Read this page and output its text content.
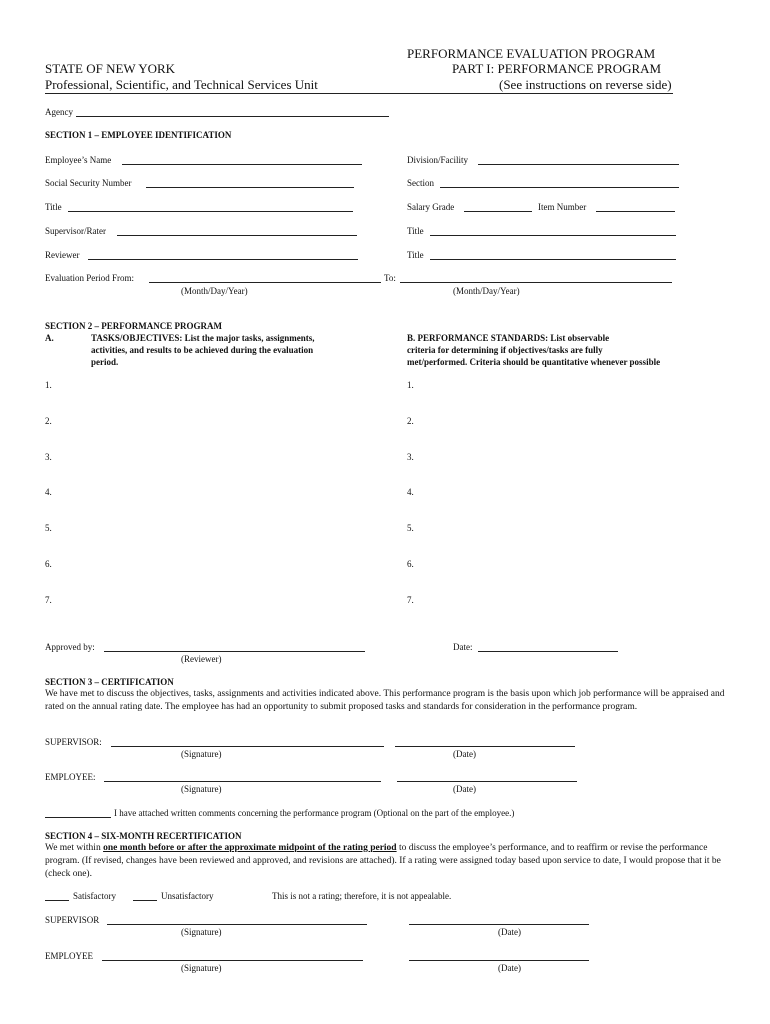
PERFORMANCE EVALUATION PROGRAM
PART I: PERFORMANCE PROGRAM
STATE OF NEW YORK
Professional, Scientific, and Technical Services Unit	(See instructions on reverse side)
Agency
SECTION 1 – EMPLOYEE IDENTIFICATION
Employee’s Name	Division/Facility
Social Security Number	Section
Title	Salary Grade	Item Number
Supervisor/Rater	Title
Reviewer	Title
Evaluation Period From:	To:
(Month/Day/Year)	(Month/Day/Year)
SECTION 2 – PERFORMANCE PROGRAM
A.	TASKS/OBJECTIVES: List the major tasks, assignments,
activities, and results to be achieved during the evaluation
period.
B. PERFORMANCE STANDARDS: List observable
criteria for determining if objectives/tasks are fully
met/performed. Criteria should be quantitative whenever possible
1.	1.
2.	2.
3.	3.
4.	4.
5.	5.
6.	6.
7.	7.
Approved by:
(Reviewer)
Date:
SECTION 3 – CERTIFICATION
We have met to discuss the objectives, tasks, assignments and activities indicated above. This performance program is the basis upon which job performance will be appraised and rated on the annual rating date. The employee has had an opportunity to submit proposed tasks and standards for consideration in the performance program.
SUPERVISOR:
(Signature)	(Date)
EMPLOYEE:
(Signature)	(Date)
I have attached written comments concerning the performance program (Optional on the part of the employee.)
SECTION 4 – SIX-MONTH RECERTIFICATION
We met within one month before or after the approximate midpoint of the rating period to discuss the employee’s performance, and to reaffirm or revise the performance program. (If revised, changes have been reviewed and approved, and revisions are attached). If a rating were assigned today based upon service to date, I would propose that it be (check one).
Satisfactory	Unsatisfactory	This is not a rating; therefore, it is not appealable.
SUPERVISOR
(Signature)	(Date)
EMPLOYEE
(Signature)	(Date)
